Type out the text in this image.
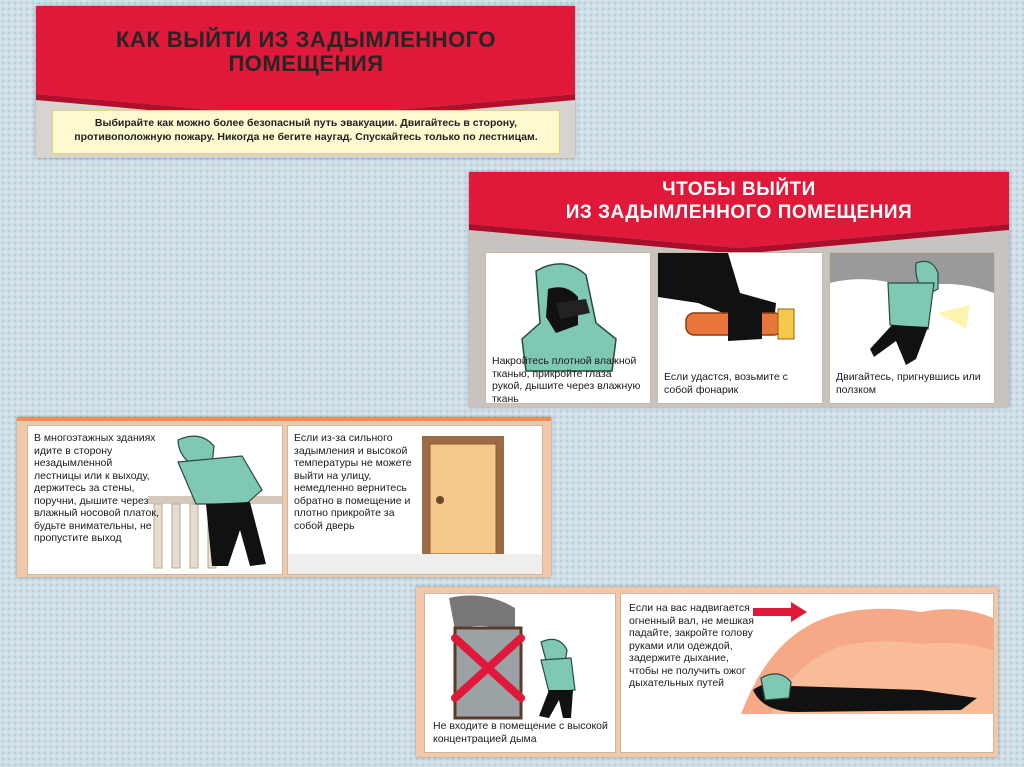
КАК ВЫЙТИ ИЗ ЗАДЫМЛЕННОГО ПОМЕЩЕНИЯ

Выбирайте как можно более безопасный путь эвакуации. Двигайтесь в сторону, противоположную пожару. Никогда не бегите наугад. Спускайтесь только по лестницам.

ЧТОБЫ ВЫЙТИ
ИЗ ЗАДЫМЛЕННОГО ПОМЕЩЕНИЯ
Накройтесь плотной влажной тканью, прикройте глаза рукой, дышите через влажную ткань
Если удастся, возьмите с собой фонарик
Двигайтесь, пригнувшись или ползком
В многоэтажных зданиях идите в сторону незадымленной лестницы или к выходу, держитесь за стены, поручни, дышите через влажный носовой платок, будьте внимательны, не пропустите выход
Если из-за сильного задымления и высокой температуры не можете выйти на улицу, немедленно вернитесь обратно в помещение и плотно прикройте за собой дверь
Не входите в помещение с высокой концентрацией дыма
Если на вас надвигается огненный вал, не мешкая падайте, закройте голову руками или одеждой, задержите дыхание, чтобы не получить ожог дыхательных путей
